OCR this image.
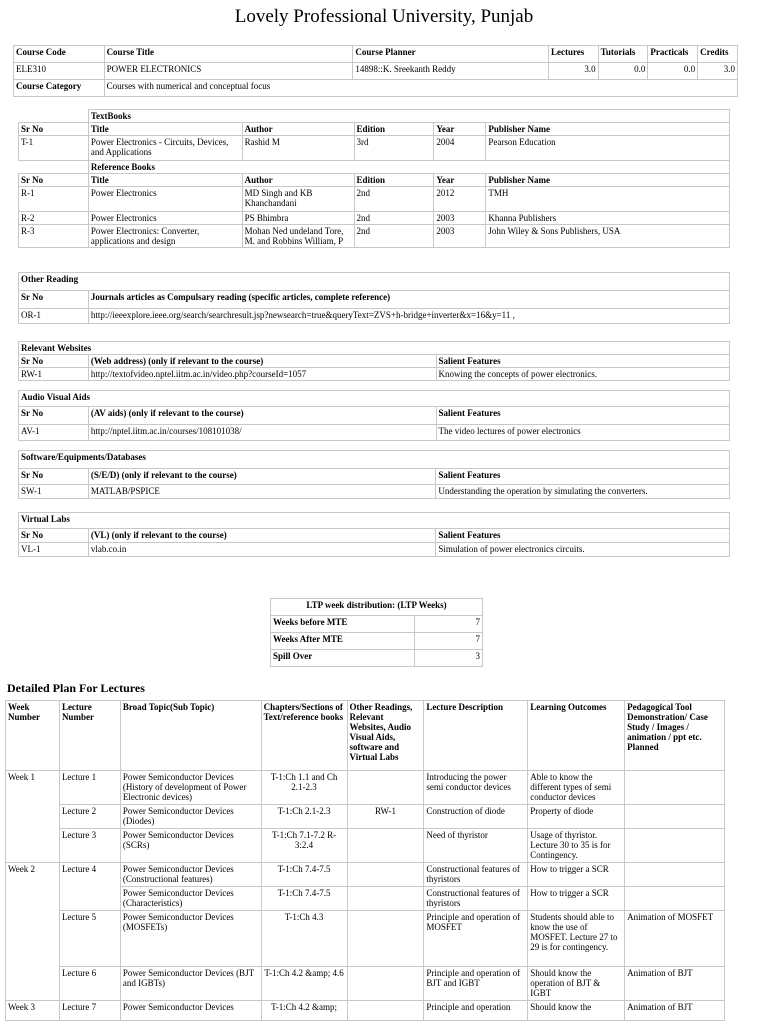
Lovely Professional University, Punjab
Course Code	Course Title	Course Planner	Lectures	Tutorials	Practicals	Credits
ELE310	POWER ELECTRONICS	14898::K. Sreekanth Reddy	3.0	0.0	0.0	3.0
Course Category	Courses with numerical and conceptual focus					
	TextBooks				
Sr No	Title	Author	Edition	Year	Publisher Name
T-1	Power Electronics - Circuits, Devices, and Applications	Rashid M	3rd	2004	Pearson Education
	Reference Books				
Sr No	Title	Author	Edition	Year	Publisher Name
R-1	Power Electronics	MD Singh and KB Khanchandani	2nd	2012	TMH
R-2	Power Electronics	PS Bhimbra	2nd	2003	Khanna Publishers
R-3	Power Electronics: Converter, applications and design	Mohan Ned undeland Tore, M. and Robbins William, P	2nd	2003	John Wiley & Sons Publishers, USA
Other Reading	
Sr No	Journals articles as Compulsary reading (specific articles, complete reference)
OR-1	http://ieeexplore.ieee.org/search/searchresult.jsp?newsearch=true&queryText=ZVS+h-bridge+inverter&x=16&y=11 ,
Relevant Websites		
Sr No	(Web address) (only if relevant to the course)	Salient Features
RW-1	http://textofvideo.nptel.iitm.ac.in/video.php?courseId=1057	Knowing the concepts of power electronics.
Audio Visual Aids		
Sr No	(AV aids) (only if relevant to the course)	Salient Features
AV-1	http://nptel.iitm.ac.in/courses/108101038/	The video lectures of power electronics
Software/Equipments/Databases		
Sr No	(S/E/D) (only if relevant to the course)	Salient Features
SW-1	MATLAB/PSPICE	Understanding the operation by simulating the converters.
Virtual Labs		
Sr No	(VL) (only if relevant to the course)	Salient Features
VL-1	vlab.co.in	Simulation of power electronics circuits.
LTP week distribution: (LTP Weeks)	
Weeks before MTE	7
Weeks After MTE	7
Spill Over	3
Detailed Plan For Lectures
Week Number	Lecture Number	Broad Topic(Sub Topic)	Chapters/Sections of Text/reference books	Other Readings, Relevant Websites, Audio Visual Aids, software and Virtual Labs	Lecture Description	Learning Outcomes	Pedagogical Tool Demonstration/ Case Study / Images / animation / ppt etc. Planned
Week 1	Lecture 1	Power Semiconductor Devices (History of development of Power Electronic devices)	T-1:Ch 1.1 and Ch 2.1-2.3		Introducing the power semi conductor devices	Able to know the different types of semi conductor devices	
	Lecture 2	Power Semiconductor Devices (Diodes)	T-1:Ch 2.1-2.3	RW-1	Construction of diode	Property of diode	
	Lecture 3	Power Semiconductor Devices (SCRs)	T-1:Ch 7.1-7.2 R-3:2.4		Need of thyristor	Usage of thyristor. Lecture 30 to 35 is for Contingency.	
Week 2	Lecture 4	Power Semiconductor Devices (Constructional features)	T-1:Ch 7.4-7.5		Constructional features of thyristors	How to trigger a SCR	
		Power Semiconductor Devices (Characteristics)	T-1:Ch 7.4-7.5		Constructional features of thyristors	How to trigger a SCR	
	Lecture 5	Power Semiconductor Devices (MOSFETs)	T-1:Ch 4.3		Principle and operation of MOSFET	Students should able to know the use of MOSFET. Lecture 27 to 29 is for contingency.	Animation of MOSFET
	Lecture 6	Power Semiconductor Devices (BJT and IGBTs)	T-1:Ch 4.2 &amp; 4.6		Principle and operation of BJT and IGBT	Should know the operation of BJT & IGBT	Animation of BJT
Week 3	Lecture 7	Power Semiconductor Devices	T-1:Ch 4.2 &amp;		Principle and operation	Should know the	Animation of BJT
